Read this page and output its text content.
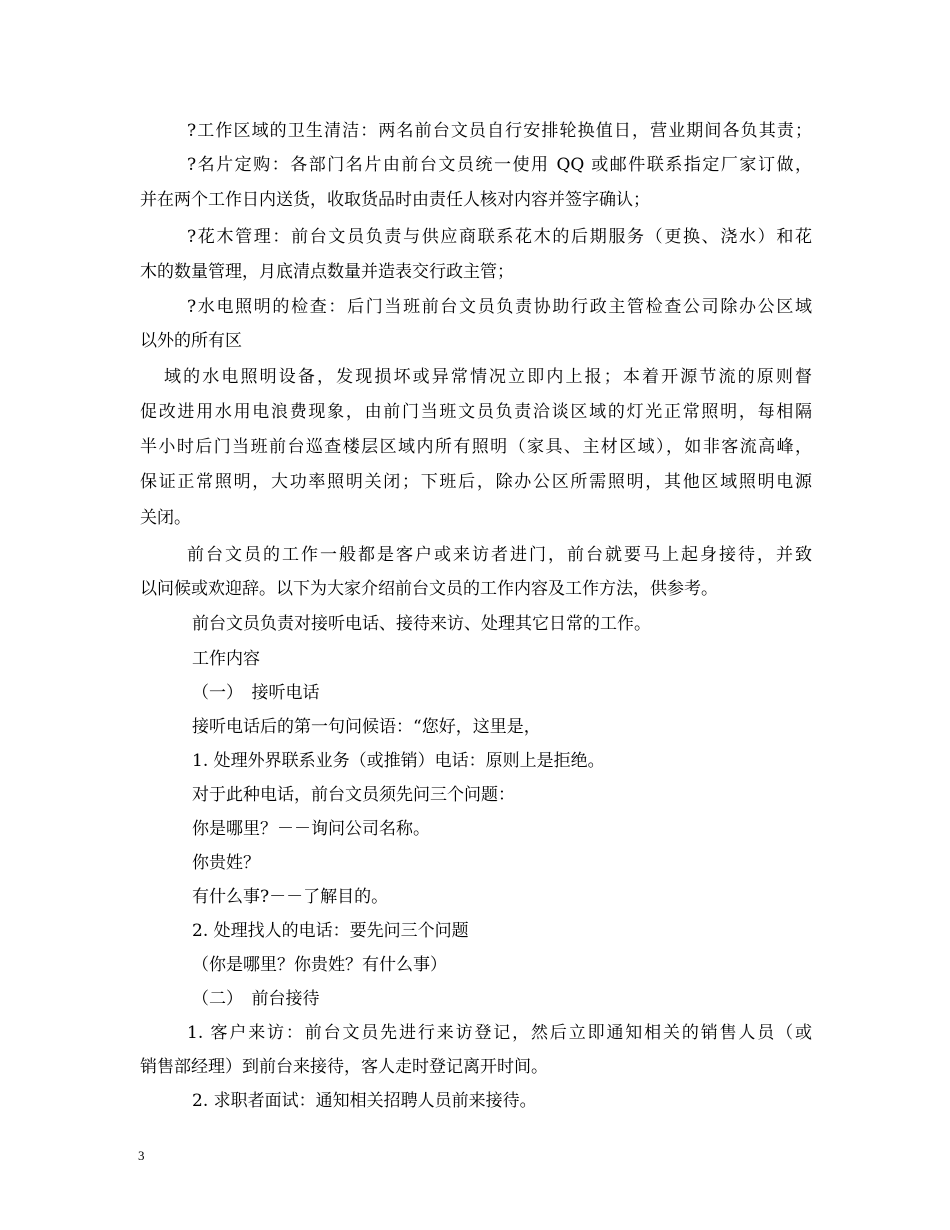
?工作区域的卫生清洁：两名前台文员自行安排轮换值日，营业期间各负其责；
?名片定购：各部门名片由前台文员统一使用 QQ 或邮件联系指定厂家订做，
并在两个工作日内送货，收取货品时由责任人核对内容并签字确认；
?花木管理：前台文员负责与供应商联系花木的后期服务（更换、浇水）和花
木的数量管理，月底清点数量并造表交行政主管；
?水电照明的检查：后门当班前台文员负责协助行政主管检查公司除办公区域
以外的所有区
域的水电照明设备，发现损坏或异常情况立即内上报；本着开源节流的原则督
促改进用水用电浪费现象，由前门当班文员负责洽谈区域的灯光正常照明，每相隔
半小时后门当班前台巡查楼层区域内所有照明（家具、主材区域），如非客流高峰，
保证正常照明，大功率照明关闭；下班后，除办公区所需照明，其他区域照明电源
关闭。
前台文员的工作一般都是客户或来访者进门，前台就要马上起身接待，并致
以问候或欢迎辞。以下为大家介绍前台文员的工作内容及工作方法，供参考。
前台文员负责对接听电话、接待来访、处理其它日常的工作。
工作内容
（一）　接听电话
接听电话后的第一句问候语：“您好，这里是，
1. 处理外界联系业务（或推销）电话：原则上是拒绝。
对于此种电话，前台文员须先问三个问题：
你是哪里？－－询问公司名称。
你贵姓？
有什么事?－－了解目的。
2. 处理找人的电话：要先问三个问题
（你是哪里？你贵姓？有什么事）
（二）　前台接待
1. 客户来访：前台文员先进行来访登记，然后立即通知相关的销售人员（或
销售部经理）到前台来接待，客人走时登记离开时间。
2. 求职者面试：通知相关招聘人员前来接待。
3
